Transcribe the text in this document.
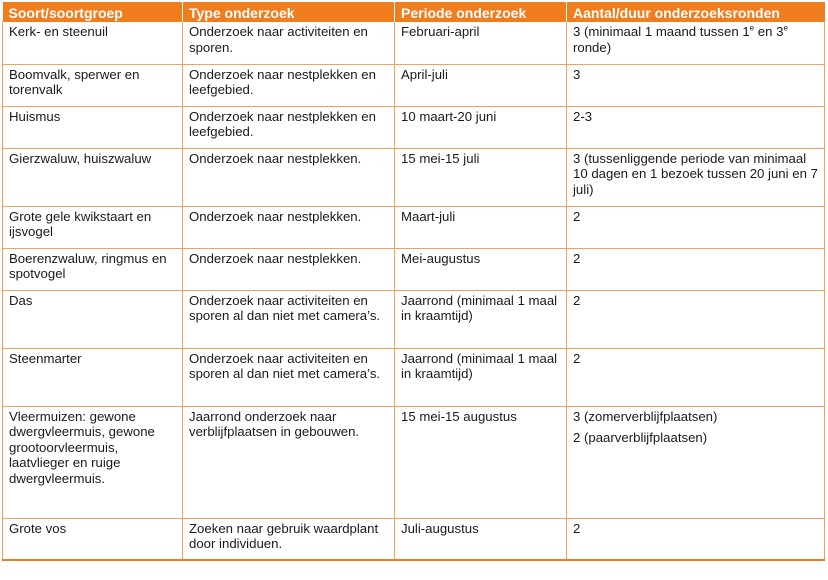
Soort/soortgroep	Type onderzoek	Periode onderzoek	Aantal/duur onderzoeksronden
Kerk- en steenuil	Onderzoek naar activiteiten en sporen.	Februari-april	3 (minimaal 1 maand tussen 1e en 3e ronde)
Boomvalk, sperwer en torenvalk	Onderzoek naar nestplekken en leefgebied.	April-juli	3
Huismus	Onderzoek naar nestplekken en leefgebied.	10 maart-20 juni	2-3
Gierzwaluw, huiszwaluw	Onderzoek naar nestplekken.	15 mei-15 juli	3 (tussenliggende periode van minimaal 10 dagen en 1 bezoek tussen 20 juni en 7 juli)
Grote gele kwikstaart en ijsvogel	Onderzoek naar nestplekken.	Maart-juli	2
Boerenzwaluw, ringmus en spotvogel	Onderzoek naar nestplekken.	Mei-augustus	2
Das	Onderzoek naar activiteiten en sporen al dan niet met camera’s.	Jaarrond (minimaal 1 maal in kraamtijd)	2
Steenmarter	Onderzoek naar activiteiten en sporen al dan niet met camera’s.	Jaarrond (minimaal 1 maal in kraamtijd)	2
Vleermuizen: gewone dwergvleermuis, gewone grootoorvleermuis, laatvlieger en ruige dwergvleermuis.	Jaarrond onderzoek naar verblijfplaatsen in gebouwen.	15 mei-15 augustus	3 (zomerverblijfplaatsen)
2 (paarverblijfplaatsen)

Grote vos	Zoeken naar gebruik waardplant door individuen.	Juli-augustus	2
